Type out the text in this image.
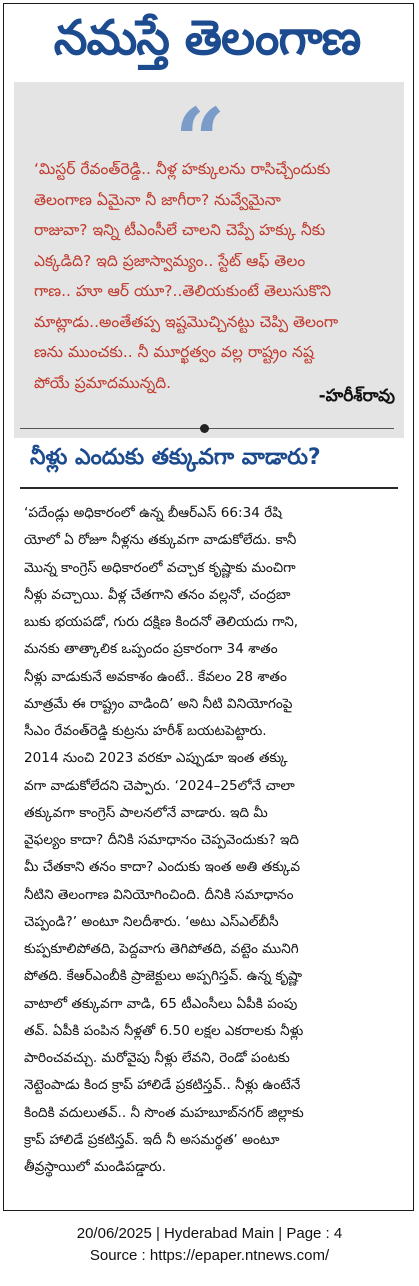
నమస్తే తెలంగాణ
“
‘మిస్టర్ రేవంత్‌రెడ్డి.. నీళ్ల హక్కులను రాసిచ్చేందుకు
తెలంగాణ ఏమైనా నీ జాగీరా? నువ్వేమైనా
రాజువా? ఇన్ని టీఎంసీలే చాలని చెప్పే హక్కు నీకు
ఎక్కడిది? ఇది ప్రజాస్వామ్యం.. స్టేట్ ఆఫ్ తెలం
గాణ.. హూ ఆర్ యూ?..తెలియకుంటే తెలుసుకొని
మాట్లాడు..అంతేతప్ప ఇష్టమొచ్చినట్టు చెప్పి తెలంగా
ణను ముంచకు.. నీ మూర్ఖత్వం వల్ల రాష్ట్రం నష్ట
పోయే ప్రమాదమున్నది.
-హరీశ్‌రావు
నీళ్లు ఎందుకు తక్కువగా వాడారు?
‘పదేండ్లు అధికారంలో ఉన్న బీఆర్‌ఎస్ 66:34 రేషి
యోలో ఏ రోజూ నీళ్లను తక్కువగా వాడుకోలేదు. కానీ
మొన్న కాంగ్రెస్ అధికారంలో వచ్చాక కృష్ణాకు మంచిగా
నీళ్లు వచ్చాయి. వీళ్ల చేతగాని తనం వల్లనో, చంద్రబా
బుకు భయపడో, గురు దక్షిణ కిందనో తెలియదు గాని,
మనకు తాత్కాలిక ఒప్పందం ప్రకారంగా 34 శాతం
నీళ్లు వాడుకునే అవకాశం ఉంటే.. కేవలం 28 శాతం
మాత్రమే ఈ రాష్ట్రం వాడింది’ అని నీటి వినియోగంపై
సీఎం రేవంత్‌రెడ్డి కుట్రను హరీశ్ బయటపెట్టారు.
2014 నుంచి 2023 వరకూ ఎప్పుడూ ఇంత తక్కు
వగా వాడుకోలేదని చెప్పారు. ‘2024–25లోనే చాలా
తక్కువగా కాంగ్రెస్ పాలనలోనే వాడారు. ఇది మీ
వైఫల్యం కాదా? దీనికి సమాధానం చెప్పవెందుకు? ఇది
మీ చేతకాని తనం కాదా? ఎందుకు ఇంత అతి తక్కువ
నీటిని తెలంగాణ వినియోగించింది. దీనికి సమాధానం
చెప్పండి?’ అంటూ నిలదీశారు. ‘అటు ఎస్‌ఎల్‌బీసీ
కుప్పకూలిపోతది, పెద్దవాగు తెగిపోతది, వట్టెం మునిగి
పోతది. కేఆర్‌ఎంబీకి ప్రాజెక్టులు అప్పగిస్తవ్. ఉన్న కృష్ణా
వాటాలో తక్కువగా వాడి, 65 టీఎంసీలు ఏపీకి పంపు
తవ్. ఏపీకి పంపిన నీళ్లతో 6.50 లక్షల ఎకరాలకు నీళ్లు
పారించవచ్చు. మరోవైపు నీళ్లు లేవని, రెండో పంటకు
నెట్టెంపాడు కింద క్రాప్ హాలిడే ప్రకటిస్తవ్.. నీళ్లు ఉంటేనే
కిందికి వదులుతవ్.. నీ సొంత మహబూబ్‌నగర్ జిల్లాకు
క్రాప్ హాలిడే ప్రకటిస్తవ్. ఇదీ నీ అసమర్థత’ అంటూ
తీవ్రస్థాయిలో మండిపడ్డారు.
20/06/2025 | Hyderabad Main | Page : 4
Source : https://epaper.ntnews.com/
